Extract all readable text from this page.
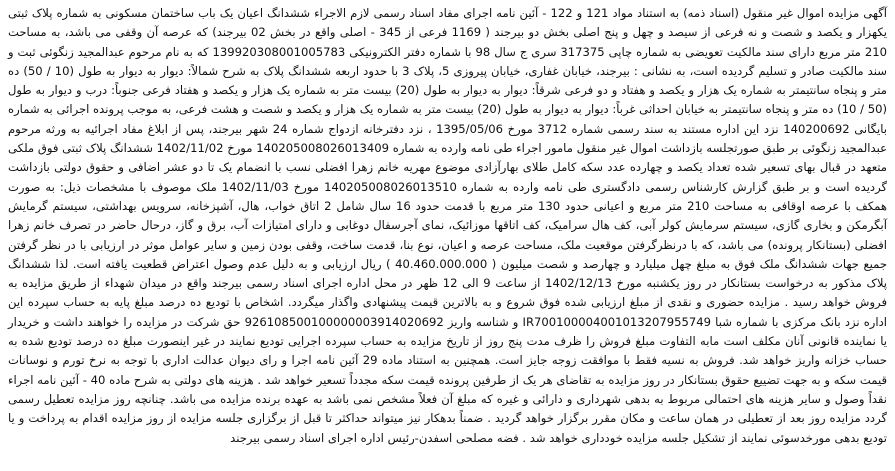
آگهی مزایده اموال غیر منقول (اسناد ذمه) به استناد مواد 121 و 122 - آئین نامه اجرای مفاد اسناد رسمی لازم الاجراء ششدانگ اعیان یک باب ساختمان مسکونی به شماره پلاک ثبتی یکهزار و یکصد و شصت و نه فرعی از سیصد و چهل و پنج اصلی بخش دو بیرجند ( 1169 فرعی از 345 - اصلی واقع در بخش 02 بیرجند) که عرصه آن وقفی می باشد، به مساحت 210 متر مربع دارای سند مالکیت تعویضی به شماره چاپی 317375 سری ج سال 98 با شماره دفتر الکترونیکی 139920308001005783 که به نام مرحوم عبدالمجید زنگوئی ثبت و سند مالکیت صادر و تسلیم گردیده است، به نشانی : بیرجند، خیابان غفاری، خیابان پیروزی 5، پلاک 3 با حدود اربعه ششدانگ پلاک به شرح شمالاً: دیوار به دیوار به طول (10 / 50) ده متر و پنجاه سانتیمتر به شماره یک هزار و یکصد و هفتاد و دو فرعی شرقاً: دیوار به دیوار به طول (20) بیست متر به شماره یک هزار و یکصد و هفتاد فرعی جنوباً: درب و دیوار به طول (50 / 10) ده متر و پنجاه سانتیمتر به خیابان احداثی غرباً: دیوار به دیوار به طول (20) بیست متر به شماره یک هزار و یکصد و شصت و هشت فرعی، به موجب پرونده اجرائی به شماره بایگانی 140200692 نزد این اداره مستند به سند رسمی شماره 3712 مورخ 1395/05/06 ، نزد دفترخانه ازدواج شماره 24 شهر بیرجند، پس از ابلاغ مفاد اجرائیه به ورثه مرحوم عبدالمجید زنگوئی بر طبق صورتجلسه بازداشت اموال غیر منقول مامور اجراء طی نامه وارده به شماره 140205008026013409 مورخ 1402/11/02 ششدانگ پلاک ثبتی فوق ملکی متعهد در قبال بهای تسعیر شده تعداد یکصد و چهارده عدد سکه کامل طلای بهارآزادی موضوع مهریه خانم زهرا افضلی نسب با انضمام یک تا دو عشر اضافی و حقوق دولتی بازداشت گردیده است و بر طبق گزارش کارشناس رسمی دادگستری طی نامه وارده به شماره 140205008026013510 مورخ 1402/11/03 ملک موصوف با مشخصات ذیل: به صورت همکف با عرصه اوقافی به مساحت 210 متر مربع و اعیانی حدود 130 متر مربع با قدمت حدود 16 سال شامل 2 اتاق خواب، هال، آشپزخانه، سرویس بهداشتی، سیستم گرمایش آبگرمکن و بخاری گازی، سیستم سرمایش کولر آبی، کف هال سرامیک، کف اتاقها موزائیک، نمای آجرسفال دوغابی و دارای امتیازات آب، برق و گاز، درحال حاضر در تصرف خانم زهرا افضلی (بستانکار پرونده) می باشد، که با درنظرگرفتن موقعیت ملک، مساحت عرصه و اعیان، نوع بنا، قدمت ساخت، وقفی بودن زمین و سایر عوامل موثر در ارزیابی با در نظر گرفتن جمیع جهات ششدانگ ملک فوق به مبلغ چهل میلیارد و چهارصد و شصت میلیون ( 40.460.000.000 ) ریال ارزیابی و به دلیل عدم وصول اعتراض قطعیت یافته است. لذا ششدانگ پلاک مذکور به درخواست بستانکار در روز یکشنبه مورخ 1402/12/13 از ساعت 9 الی 12 ظهر در محل اداره اجرای اسناد رسمی بیرجند واقع در میدان شهداء از طریق مزایده به فروش خواهد رسید . مزایده حضوری و نقدی از مبلغ ارزیابی شده فوق شروع و به بالاترین قیمت پیشنهادی واگذار میگردد. اشخاص با تودیع ده درصد مبلغ پایه به حساب سپرده این اداره نزد بانک مرکزی با شماره شبا IR700100004001013207955749 و شناسه واریز 926108500100000003914020692 حق شرکت در مزایده را خواهند داشت و خریدار یا نماینده قانونی آنان مکلف است مابه التفاوت مبلغ فروش را ظرف مدت پنج روز از تاریخ مزایده به حساب سپرده اجرایی تودیع نمایند در غیر اینصورت مبلغ ده درصد تودیع شده به حساب خزانه واریز خواهد شد. فروش به نسیه فقط با موافقت زوجه جایز است. همچنین به استناد ماده 29 آئین نامه اجرا و رای دیوان عدالت اداری با توجه به نرخ تورم و نوسانات قیمت سکه و به جهت تضییع حقوق بستانکار در روز مزایده به تقاضای هر یک از طرفین پرونده قیمت سکه مجدداً تسعیر خواهد شد . هزینه های دولتی به شرح ماده 40 - آئین نامه اجراء نقداً وصول و سایر هزینه های احتمالی مربوط به بدهی شهرداری و دارائی و غیره که مبلغ آن فعلاً مشخص نمی باشد به عهده برنده مزایده می باشد. چنانچه روز مزایده تعطیل رسمی گردد مزایده روز بعد از تعطیلی در همان ساعت و مکان مقرر برگزار خواهد گردید . ضمناً بدهکار نیز میتواند حداکثر تا قبل از برگزاری جلسه مزایده از روز مزایده اقدام به پرداخت و یا تودیع بدهی مورخدسوئی نمایند از تشکیل جلسه مزایده خودداری خواهد شد . فضه مصلحی اسفدن-رئیس اداره اجرای اسناد رسمی بیرجند
